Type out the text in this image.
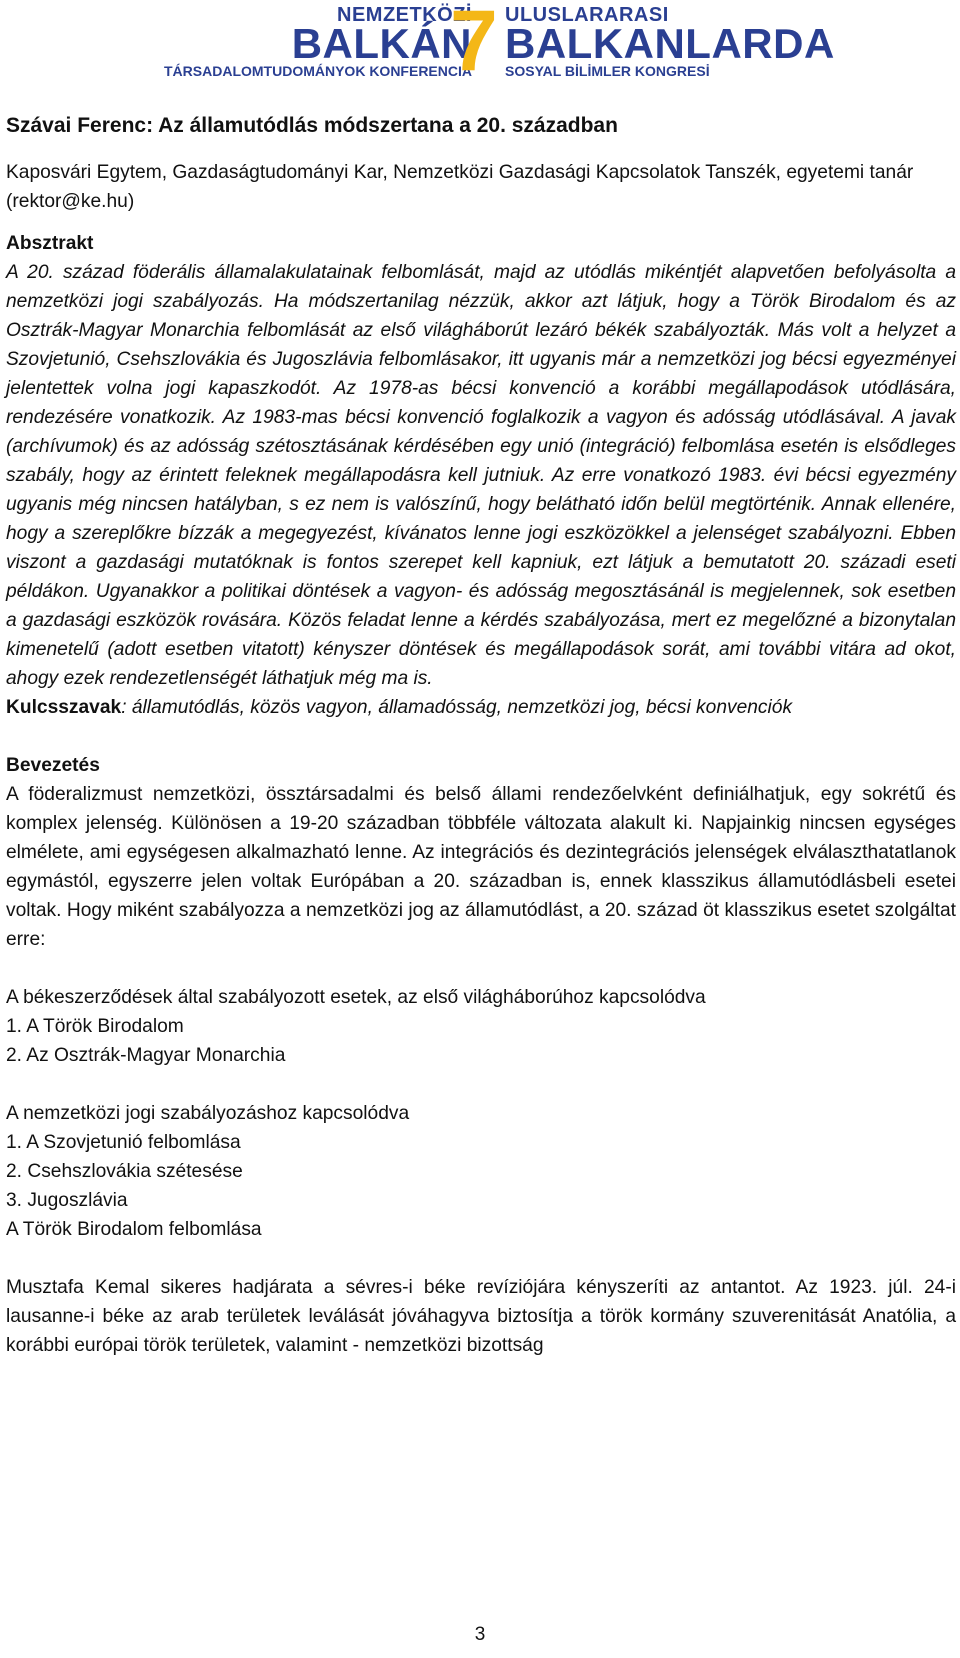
NEMZETKÖZİ
BALKÁN
TÁRSADALOMTUDOMÁNYOK KONFERENCIA
7 ULUSLARARASI
BALKANLARDA
SOSYAL BİLİMLER KONGRESİ

Szávai Ferenc: Az államutódlás módszertana a 20. században

Kaposvári Egytem, Gazdaságtudományi Kar, Nemzetközi Gazdasági Kapcsolatok Tanszék, egyetemi tanár (rektor@ke.hu)

Absztrakt

A 20. század föderális államalakulatainak felbomlását, majd az utódlás mikéntjét alapvetően befolyásolta a nemzetközi jogi szabályozás. Ha módszertanilag nézzük, akkor azt látjuk, hogy a Török Birodalom és az Osztrák-Magyar Monarchia felbomlását az első világháborút lezáró békék szabályozták. Más volt a helyzet a Szovjetunió, Csehszlovákia és Jugoszlávia felbomlásakor, itt ugyanis már a nemzetközi jog bécsi egyezményei jelentettek volna jogi kapaszkodót. Az 1978-as bécsi konvenció a korábbi megállapodások utódlására, rendezésére vonatkozik. Az 1983-mas bécsi konvenció foglalkozik a vagyon és adósság utódlásával. A javak (archívumok) és az adósság szétosztásának kérdésében egy unió (integráció) felbomlása esetén is elsődleges szabály, hogy az érintett feleknek megállapodásra kell jutniuk. Az erre vonatkozó 1983. évi bécsi egyezmény ugyanis még nincsen hatályban, s ez nem is valószínű, hogy belátható időn belül megtörténik. Annak ellenére, hogy a szereplőkre bízzák a megegyezést, kívánatos lenne jogi eszközökkel a jelenséget szabályozni. Ebben viszont a gazdasági mutatóknak is fontos szerepet kell kapniuk, ezt látjuk a bemutatott 20. századi eseti példákon. Ugyanakkor a politikai döntések a vagyon- és adósság megosztásánál is megjelennek, sok esetben a gazdasági eszközök rovására. Közös feladat lenne a kérdés szabályozása, mert ez megelőzné a bizonytalan kimenetelű (adott esetben vitatott) kényszer döntések és megállapodások sorát, ami további vitára ad okot, ahogy ezek rendezetlenségét láthatjuk még ma is.

Kulcsszavak: államutódlás, közös vagyon, államadósság, nemzetközi jog, bécsi konvenciók

Bevezetés

A föderalizmust nemzetközi, össztársadalmi és belső állami rendezőelvként definiálhatjuk, egy sokrétű és komplex jelenség. Különösen a 19-20 században többféle változata alakult ki. Napjainkig nincsen egységes elmélete, ami egységesen alkalmazható lenne. Az integrációs és dezintegrációs jelenségek elválaszthatatlanok egymástól, egyszerre jelen voltak Európában a 20. században is, ennek klasszikus államutódlásbeli esetei voltak. Hogy miként szabályozza a nemzetközi jog az államutódlást, a 20. század öt klasszikus esetet szolgáltat erre:

A békeszerződések által szabályozott esetek, az első világháborúhoz kapcsolódva

1. A Török Birodalom

2. Az Osztrák-Magyar Monarchia

A nemzetközi jogi szabályozáshoz kapcsolódva

1. A Szovjetunió felbomlása

2. Csehszlovákia szétesése

3. Jugoszlávia

A Török Birodalom felbomlása

Musztafa Kemal sikeres hadjárata a sévres-i béke revíziójára kényszeríti az antantot. Az 1923. júl. 24-i lausanne-i béke az arab területek leválását jóváhagyva biztosítja a török kormány szuverenitását Anatólia, a korábbi európai török területek, valamint - nemzetközi bizottság

3
